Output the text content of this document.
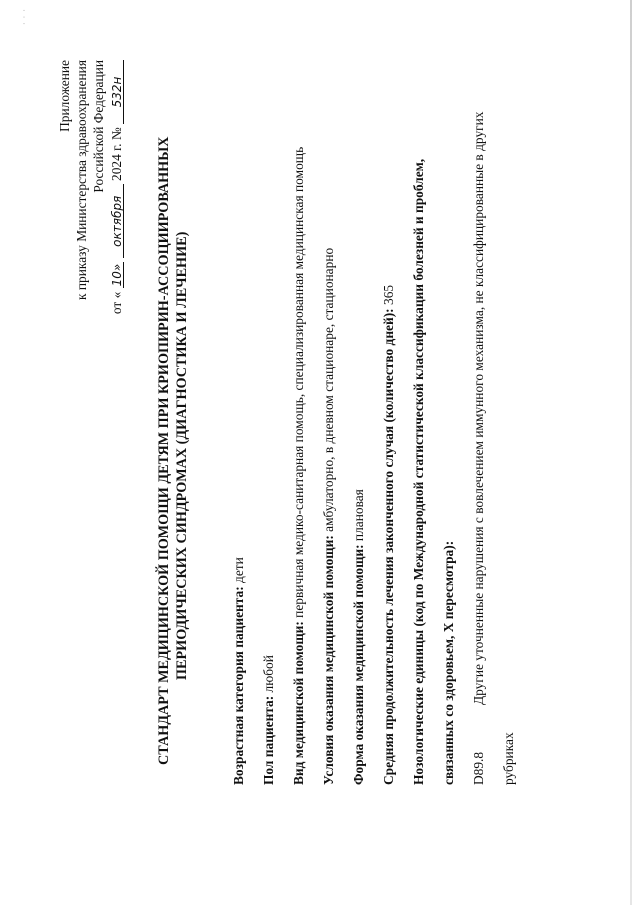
Приложение к приказу Министерства здравоохранения Российской Федерации
от « 10» октября 2024 г. № 532н
СТАНДАРТ МЕДИЦИНСКОЙ ПОМОЩИ ДЕТЯМ ПРИ КРИОПИРИН-АССОЦИИРОВАННЫХ ПЕРИОДИЧЕСКИХ СИНДРОМАХ (ДИАГНОСТИКА И ЛЕЧЕНИЕ)
Возрастная категория пациента: дети
Пол пациента: любой Вид медицинской помощи: первичная медико-санитарная помощь, специализированная медицинская помощь
Условия оказания медицинской помощи: амбулаторно, в дневном стационаре, стационарно
Форма оказания медицинской помощи: плановая Средняя продолжительность лечения законченного случая (количество дней): 365 Нозологические единицы (код по Международной статистической классификации болезней и проблем, связанных со здоровьем, X пересмотра): D89.8
Другие уточненные нарушения с вовлечением иммунного механизма, не классифицированные в других
рубриках
· · ·
